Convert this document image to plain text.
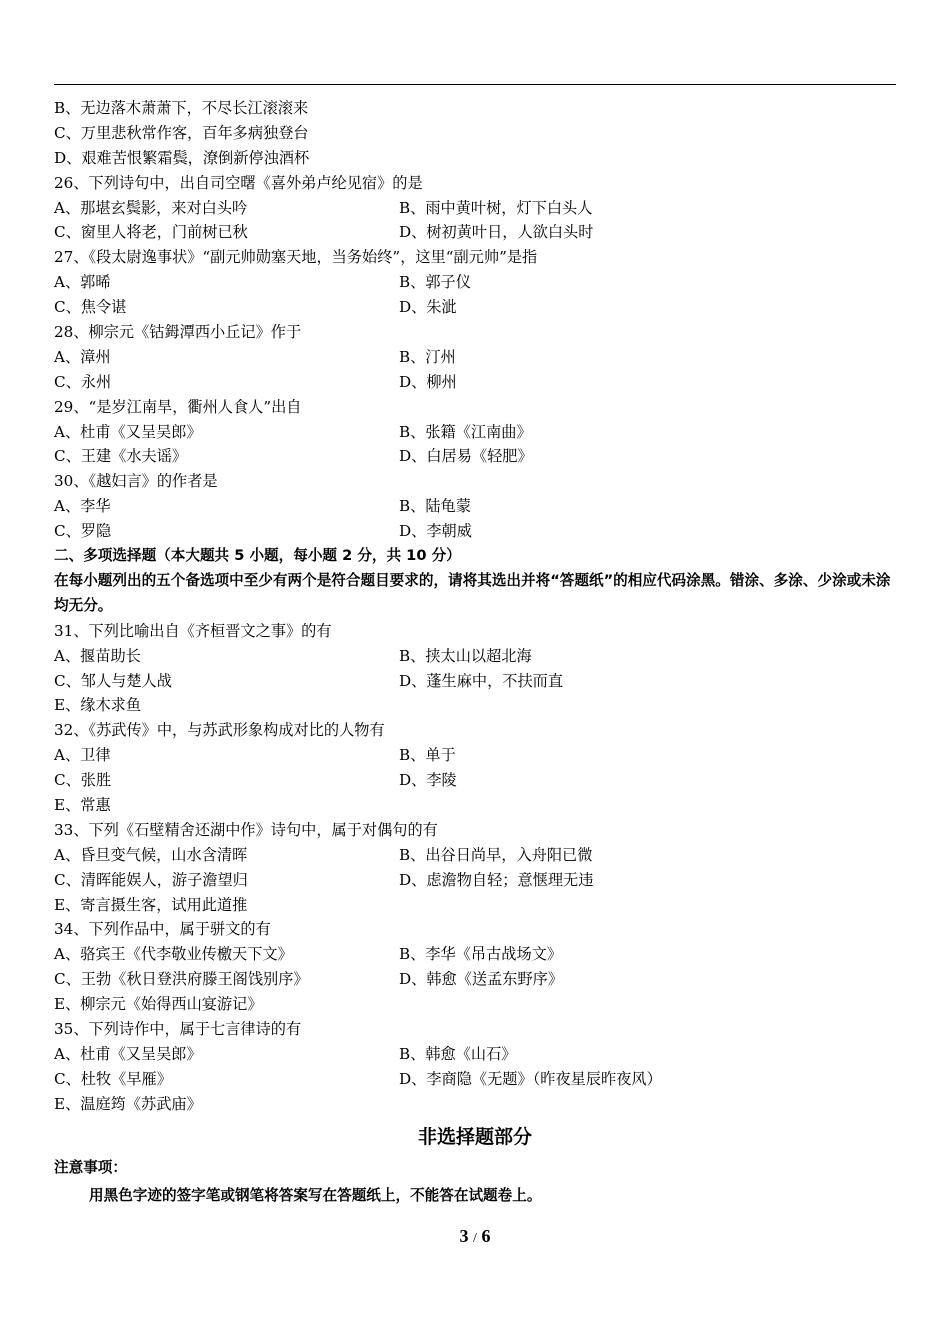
B、无边落木萧萧下，不尽长江滚滚来
C、万里悲秋常作客，百年多病独登台
D、艰难苦恨繁霜鬓，潦倒新停浊酒杯
26、下列诗句中，出自司空曙《喜外弟卢纶见宿》的是
A、那堪玄鬓影，来对白头吟	B、雨中黄叶树，灯下白头人
C、窗里人将老，门前树已秋	D、树初黄叶日，人欲白头时
27、《段太尉逸事状》“副元帅勋塞天地，当务始终”，这里“副元帅”是指
A、郭晞	B、郭子仪
C、焦令谌	D、朱泚
28、柳宗元《钴鉧潭西小丘记》作于
A、漳州	B、汀州
C、永州	D、柳州
29、“是岁江南旱，衢州人食人”出自
A、杜甫《又呈吴郎》	B、张籍《江南曲》
C、王建《水夫谣》	D、白居易《轻肥》
30、《越妇言》的作者是
A、李华	B、陆龟蒙
C、罗隐	D、李朝威
二、多项选择题（本大题共 5 小题，每小题 2 分，共 10 分）
在每小题列出的五个备选项中至少有两个是符合题目要求的，请将其选出并将“答题纸”的相应代码涂黑。错涂、多涂、少涂或未涂均无分。
31、下列比喻出自《齐桓晋文之事》的有
A、揠苗助长	B、挟太山以超北海
C、邹人与楚人战	D、蓬生麻中，不扶而直
E、缘木求鱼
32、《苏武传》中，与苏武形象构成对比的人物有
A、卫律	B、单于
C、张胜	D、李陵
E、常惠
33、下列《石壁精舍还湖中作》诗句中，属于对偶句的有
A、昏旦变气候，山水含清晖	B、出谷日尚早，入舟阳已微
C、清晖能娱人，游子澹望归	D、虑澹物自轻；意惬理无违
E、寄言摄生客，试用此道推
34、下列作品中，属于骈文的有
A、骆宾王《代李敬业传檄天下文》	B、李华《吊古战场文》
C、王勃《秋日登洪府滕王阁饯别序》	D、韩愈《送孟东野序》
E、柳宗元《始得西山宴游记》
35、下列诗作中，属于七言律诗的有
A、杜甫《又呈吴郎》	B、韩愈《山石》
C、杜牧《早雁》	D、李商隐《无题》（昨夜星辰昨夜风）
E、温庭筠《苏武庙》
非选择题部分
注意事项：
用黑色字迹的签字笔或钢笔将答案写在答题纸上，不能答在试题卷上。
3 / 6
